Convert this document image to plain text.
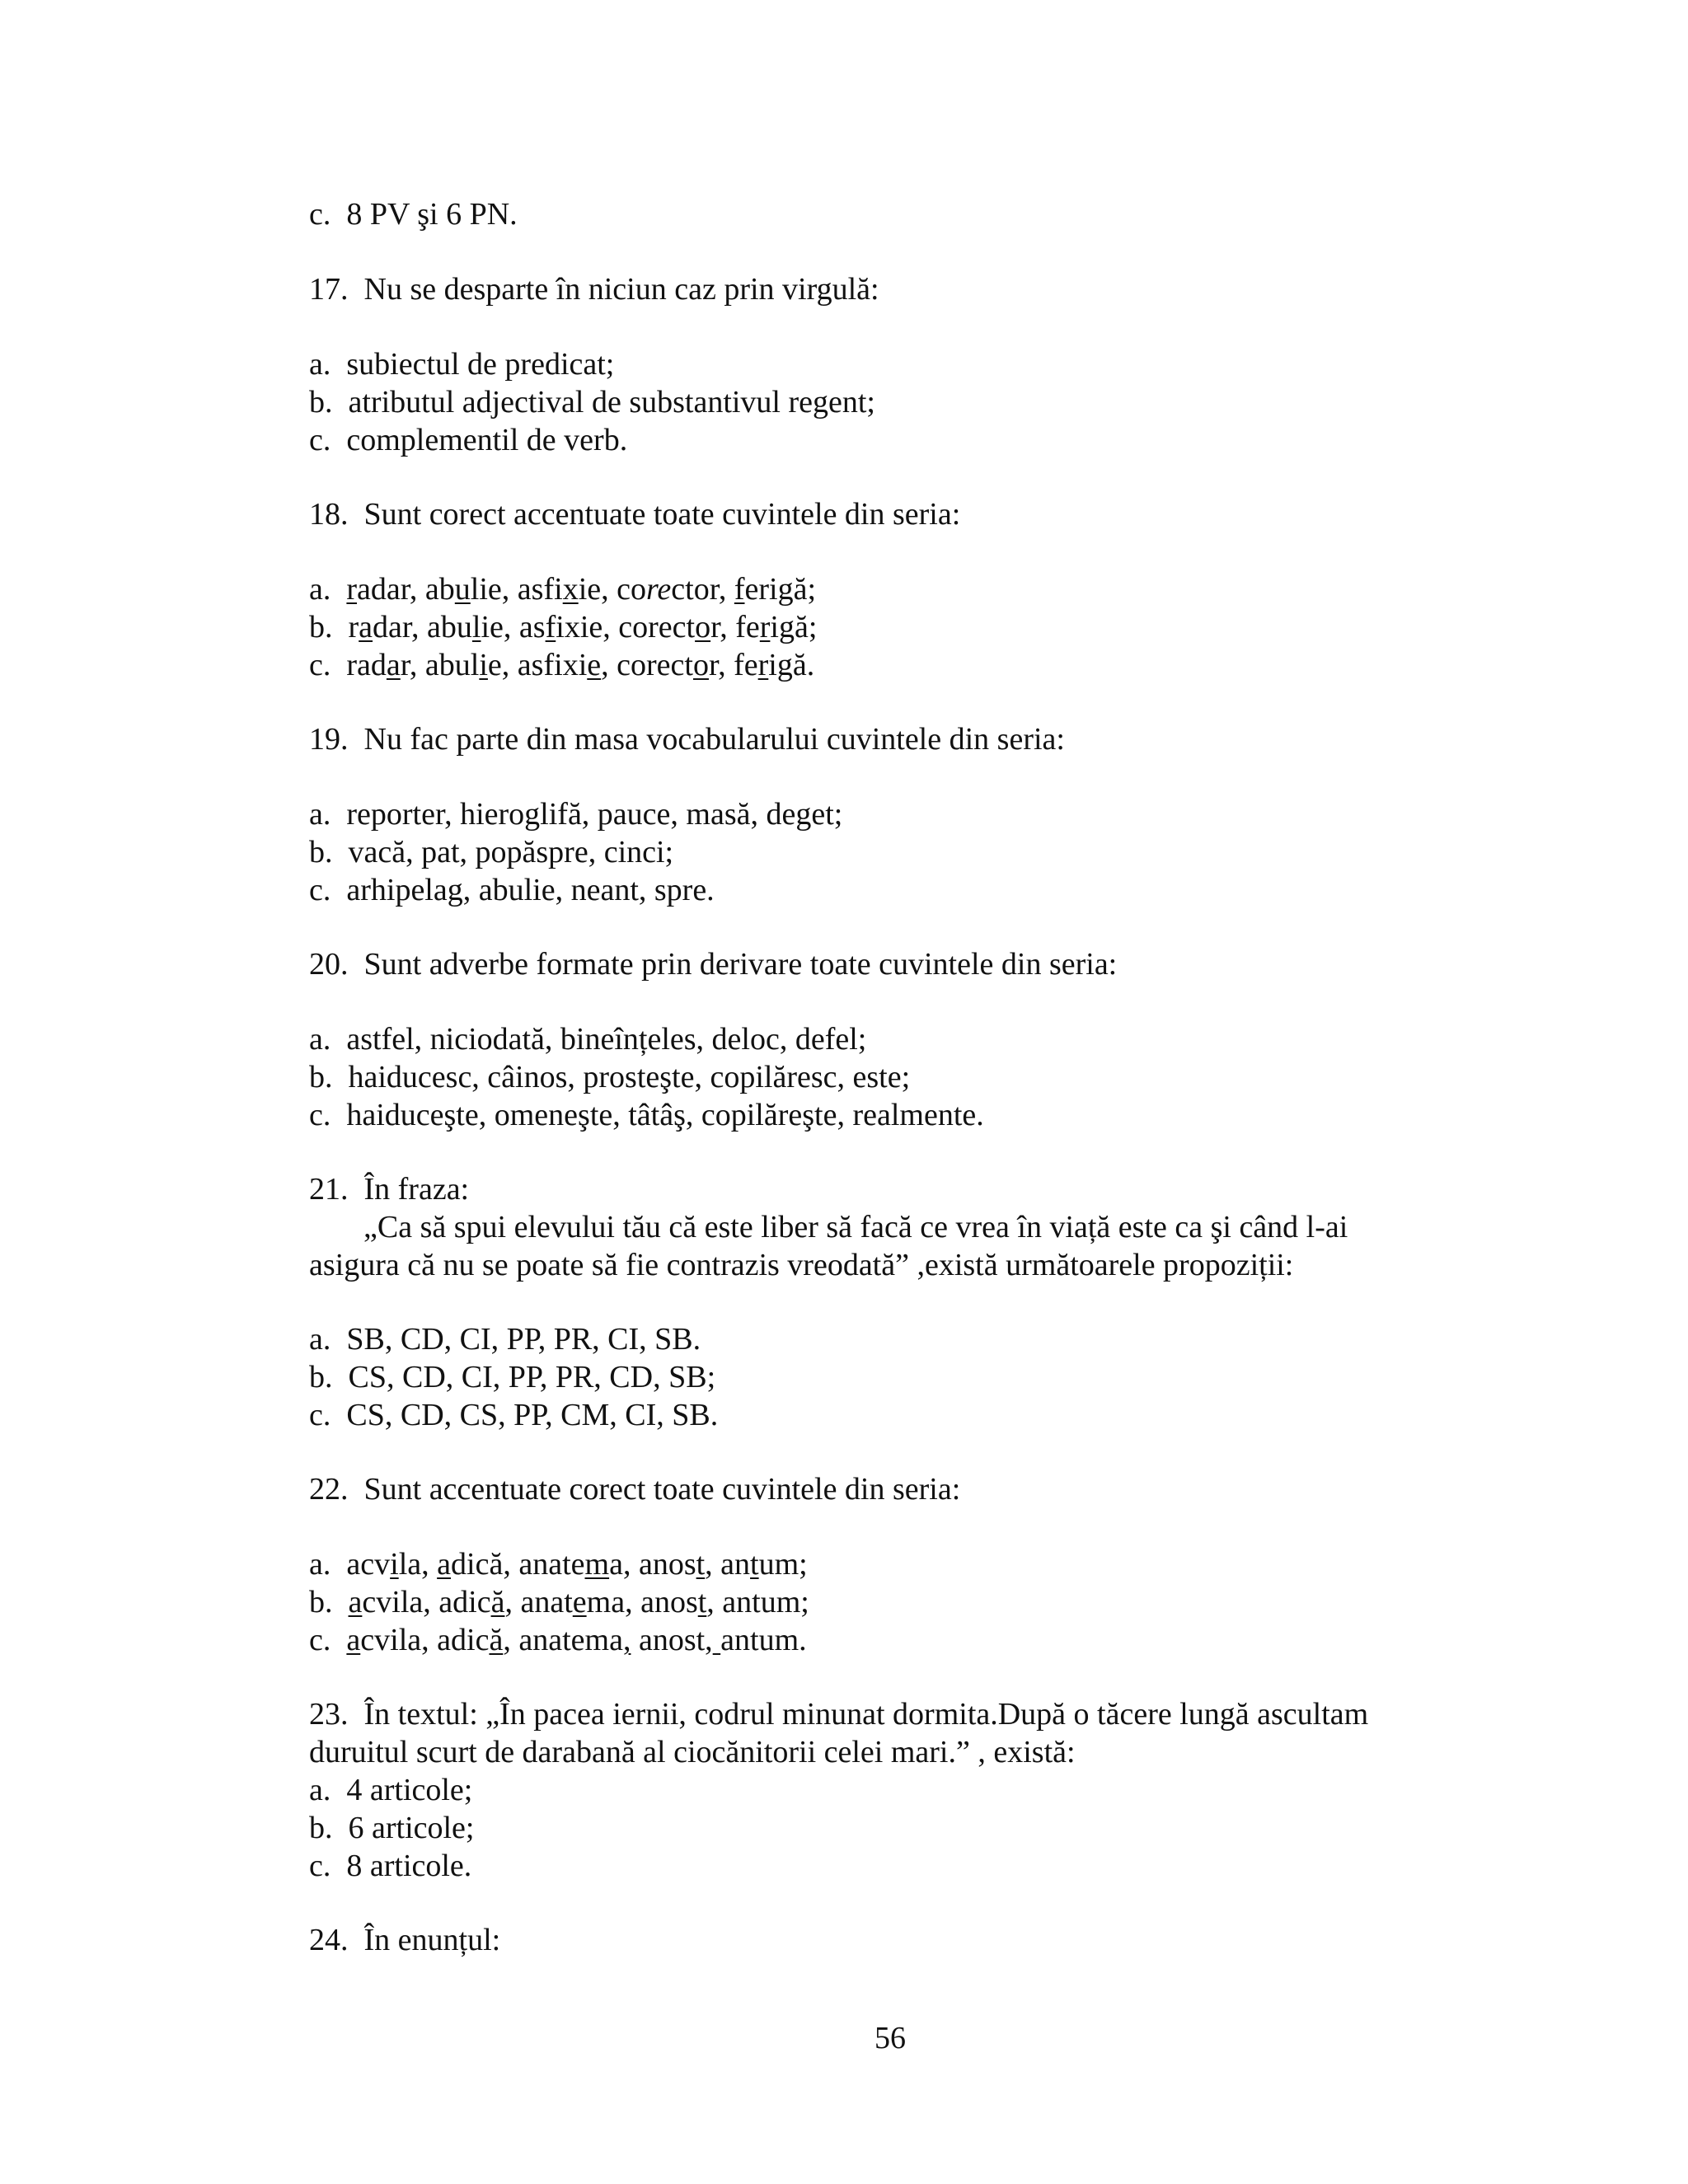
c.  8 PV şi 6 PN.
17.  Nu se desparte în niciun caz prin virgulă:
a.  subiectul de predicat;
b.  atributul adjectival de substantivul regent;
c.  complementil de verb.
18.  Sunt corect accentuate toate cuvintele din seria:
a. radar, abulie, asfixie, corector, ferigă;
b. radar, abulie, asfixie, corector, ferigă;
c. radar, abulie, asfixie, corector, ferigă.
19.  Nu fac parte din masa vocabularului cuvintele din seria:
a.  reporter, hieroglifă, pauce, masă, deget;
b.  vacă, pat, popăspre, cinci;
c.  arhipelag, abulie, neant, spre.
20.  Sunt adverbe formate prin derivare toate cuvintele din seria:
a.  astfel, niciodată, bineînțeles, deloc, defel;
b.  haiducesc, câinos, prosteşte, copilăresc, este;
c.  haiduceşte, omeneşte, tâtâş, copilăreşte, realmente.
21.  În fraza:
„Ca să spui elevului tău că este liber să facă ce vrea în viață este ca şi când l-ai
asigura că nu se poate să fie contrazis vreodată” ,există următoarele propoziții:
a.  SB, CD, CI, PP, PR, CI, SB.
b.  CS, CD, CI, PP, PR, CD, SB;
c.  CS, CD, CS, PP, CM, CI, SB.
22.  Sunt accentuate corect toate cuvintele din seria:
a. acvila, adică, anatema, anost, antum;
b. acvila, adică, anatema, anost, antum;
c. acvila, adică, anatema, anost, antum.
23.  În textul: „În pacea iernii, codrul minunat dormita.După o tăcere lungă ascultam
duruitul scurt de darabană al ciocănitorii celei mari.” , există:
a.  4 articole;
b.  6 articole;
c.  8 articole.
24.  În enunțul:
56
